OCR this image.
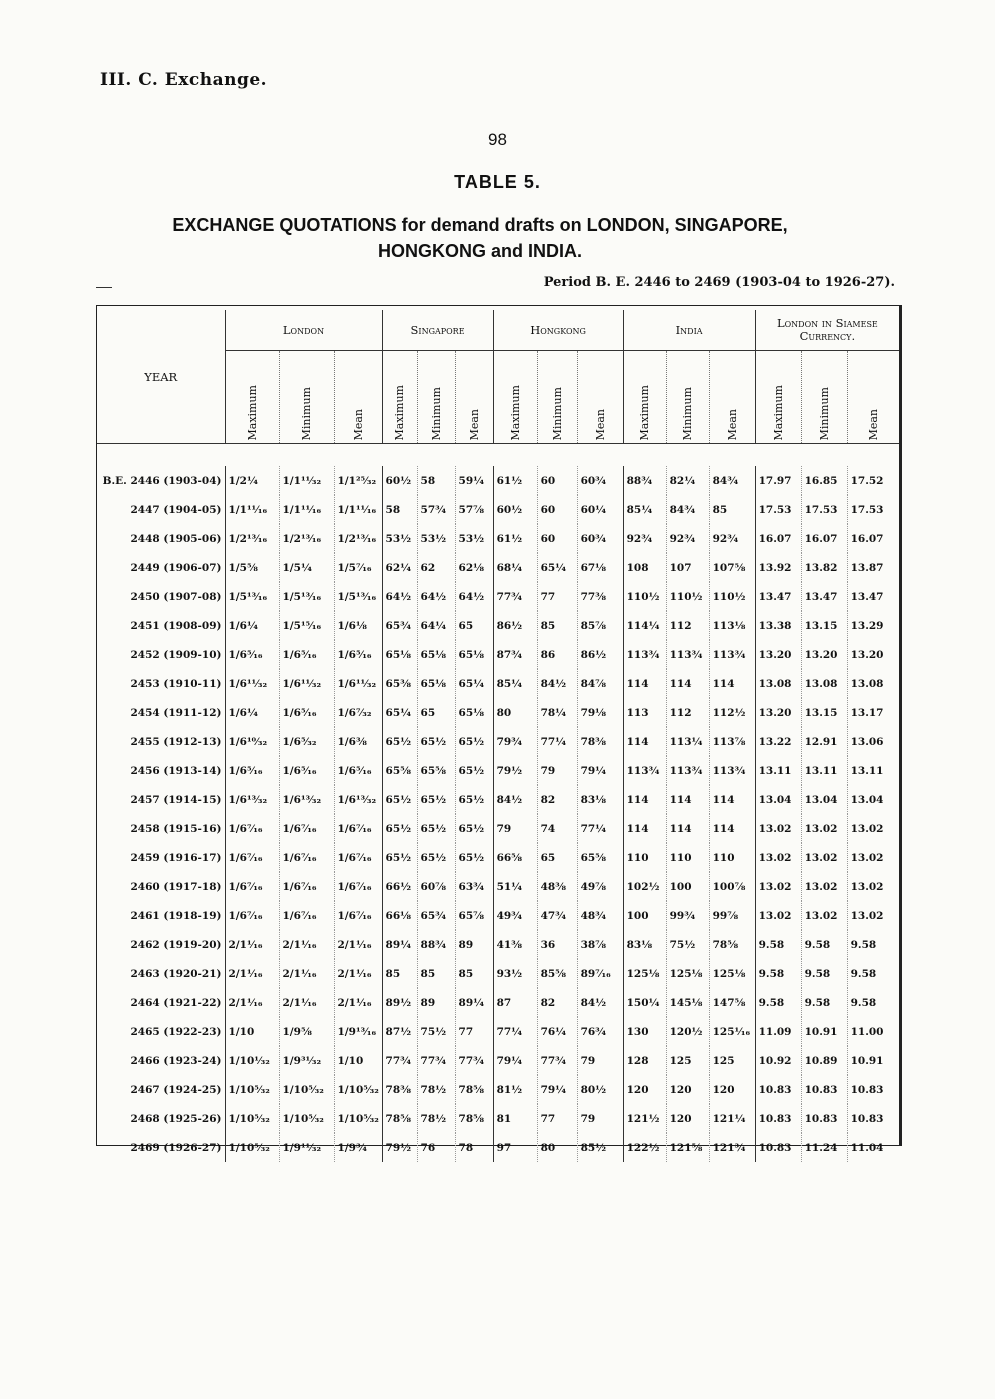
III. C. Exchange.
98
TABLE 5.
EXCHANGE QUOTATIONS for demand drafts on LONDON, SINGAPORE,
HONGKONG and INDIA.
Period B. E. 2446 to 2469 (1903-04 to 1926-27).
YEAR	London			Singapore			Hongkong			India			London in Siamese Currency.		
	Maximum	Minimum	Mean	Maximum	Minimum	Mean	Maximum	Minimum	Mean	Maximum	Minimum	Mean	Maximum	Minimum	Mean

B.E. 2446 (1903-04)	1/2¼	1/1¹¹⁄₃₂	1/1²⁵⁄₃₂	60½	58	59¼	61½	60	60¾	88¾	82¼	84¾	17.97	16.85	17.52
2447 (1904-05)	1/1¹¹⁄₁₆	1/1¹¹⁄₁₆	1/1¹¹⁄₁₆	58	57¾	57⅞	60½	60	60¼	85¼	84¾	85	17.53	17.53	17.53
2448 (1905-06)	1/2¹³⁄₁₆	1/2¹³⁄₁₆	1/2¹³⁄₁₆	53½	53½	53½	61½	60	60¾	92¾	92¾	92¾	16.07	16.07	16.07
2449 (1906-07)	1/5⅝	1/5¼	1/5⁷⁄₁₆	62¼	62	62⅛	68¼	65¼	67⅛	108	107	107⅝	13.92	13.82	13.87
2450 (1907-08)	1/5¹³⁄₁₆	1/5¹³⁄₁₆	1/5¹³⁄₁₆	64½	64½	64½	77¾	77	77⅜	110½	110½	110½	13.47	13.47	13.47
2451 (1908-09)	1/6¼	1/5¹⁵⁄₁₆	1/6⅛	65¾	64¼	65	86½	85	85⅞	114¼	112	113⅛	13.38	13.15	13.29
2452 (1909-10)	1/6⁵⁄₁₆	1/6⁵⁄₁₆	1/6⁵⁄₁₆	65⅛	65⅛	65⅛	87¾	86	86½	113¾	113¾	113¾	13.20	13.20	13.20
2453 (1910-11)	1/6¹¹⁄₃₂	1/6¹¹⁄₃₂	1/6¹¹⁄₃₂	65⅜	65⅛	65¼	85¼	84½	84⅞	114	114	114	13.08	13.08	13.08
2454 (1911-12)	1/6¼	1/6⁵⁄₁₆	1/6⁷⁄₃₂	65¼	65	65⅛	80	78¼	79⅛	113	112	112½	13.20	13.15	13.17
2455 (1912-13)	1/6¹⁰⁄₃₂	1/6⁵⁄₃₂	1/6⅜	65½	65½	65½	79¾	77¼	78⅜	114	113¼	113⅞	13.22	12.91	13.06
2456 (1913-14)	1/6⁵⁄₁₆	1/6⁵⁄₁₆	1/6⁵⁄₁₆	65⅝	65⅝	65½	79½	79	79¼	113¾	113¾	113¾	13.11	13.11	13.11
2457 (1914-15)	1/6¹³⁄₃₂	1/6¹³⁄₃₂	1/6¹³⁄₃₂	65½	65½	65½	84½	82	83⅛	114	114	114	13.04	13.04	13.04
2458 (1915-16)	1/6⁷⁄₁₆	1/6⁷⁄₁₆	1/6⁷⁄₁₆	65½	65½	65½	79	74	77¼	114	114	114	13.02	13.02	13.02
2459 (1916-17)	1/6⁷⁄₁₆	1/6⁷⁄₁₆	1/6⁷⁄₁₆	65½	65½	65½	66⅝	65	65⅝	110	110	110	13.02	13.02	13.02
2460 (1917-18)	1/6⁷⁄₁₆	1/6⁷⁄₁₆	1/6⁷⁄₁₆	66½	60⅞	63¾	51¼	48⅜	49⅞	102½	100	100⅞	13.02	13.02	13.02
2461 (1918-19)	1/6⁷⁄₁₆	1/6⁷⁄₁₆	1/6⁷⁄₁₆	66⅛	65¾	65⅞	49¾	47¾	48¾	100	99¾	99⅞	13.02	13.02	13.02
2462 (1919-20)	2/1¹⁄₁₆	2/1¹⁄₁₆	2/1¹⁄₁₆	89¼	88¾	89	41⅜	36	38⅞	83⅛	75½	78⅝	9.58	9.58	9.58
2463 (1920-21)	2/1¹⁄₁₆	2/1¹⁄₁₆	2/1¹⁄₁₆	85	85	85	93½	85⅝	89⁷⁄₁₆	125⅛	125⅛	125⅛	9.58	9.58	9.58
2464 (1921-22)	2/1¹⁄₁₆	2/1¹⁄₁₆	2/1¹⁄₁₆	89½	89	89¼	87	82	84½	150¼	145⅛	147⅝	9.58	9.58	9.58
2465 (1922-23)	1/10	1/9⅝	1/9¹³⁄₁₆	87½	75½	77	77¼	76¼	76¾	130	120½	125¹⁄₁₆	11.09	10.91	11.00
2466 (1923-24)	1/10¹⁄₃₂	1/9³¹⁄₃₂	1/10	77¾	77¾	77¾	79¼	77¾	79	128	125	125	10.92	10.89	10.91
2467 (1924-25)	1/10⁵⁄₃₂	1/10⁵⁄₃₂	1/10⁵⁄₃₂	78⅜	78½	78⅝	81½	79¼	80½	120	120	120	10.83	10.83	10.83
2468 (1925-26)	1/10⁵⁄₃₂	1/10⁵⁄₃₂	1/10⁵⁄₃₂	78⅝	78½	78⅝	81	77	79	121½	120	121¼	10.83	10.83	10.83
2469 (1926-27)	1/10⁵⁄₃₂	1/9¹¹⁄₃₂	1/9¾	79½	76	78	97	80	85½	122½	121⅝	121¾	10.83	11.24	11.04
